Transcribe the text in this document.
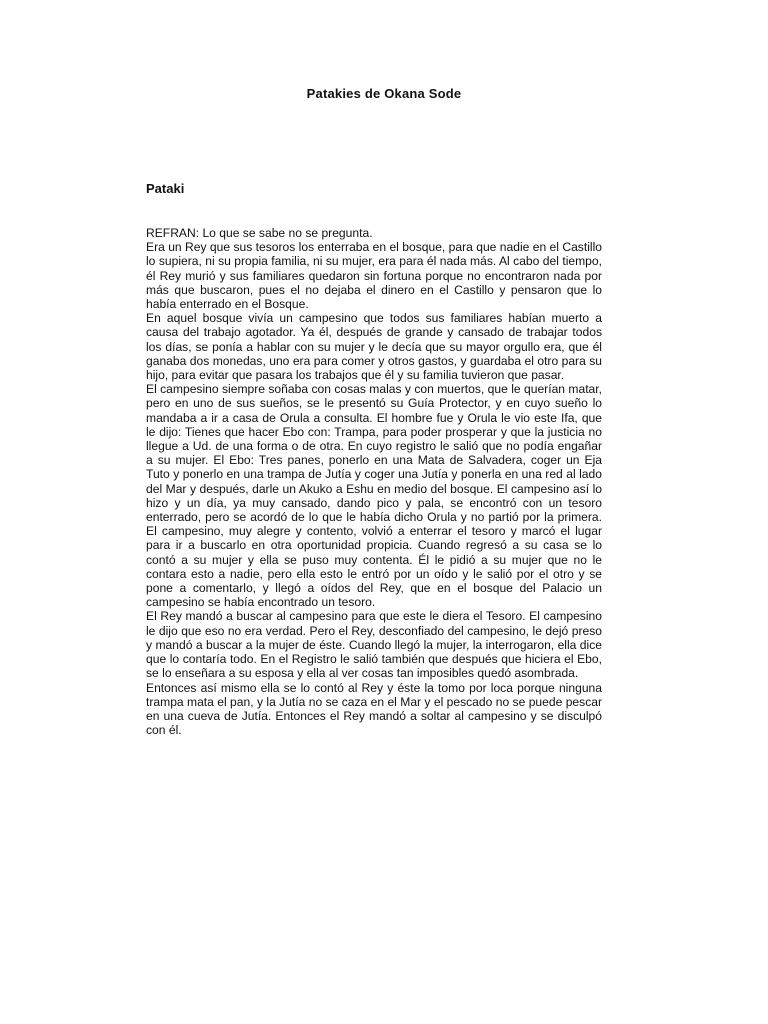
Patakies de Okana Sode
Pataki

REFRAN: Lo que se sabe no se pregunta.

Era un Rey que sus tesoros los enterraba en el bosque, para que nadie en el Castillo lo supiera, ni su propia familia, ni su mujer, era para él nada más. Al cabo del tiempo, él Rey murió y sus familiares quedaron sin fortuna porque no encontraron nada por más que buscaron, pues el no dejaba el dinero en el Castillo y pensaron que lo había enterrado en el Bosque.

En aquel bosque vivía un campesino que todos sus familiares habían muerto a causa del trabajo agotador. Ya él, después de grande y cansado de trabajar todos los días, se ponía a hablar con su mujer y le decía que su mayor orgullo era, que él ganaba dos monedas, uno era para comer y otros gastos, y guardaba el otro para su hijo, para evitar que pasara los trabajos que él y su familia tuvieron que pasar.

El campesino siempre soñaba con cosas malas y con muertos, que le querían matar, pero en uno de sus sueños, se le presentó su Guía Protector, y en cuyo sueño lo mandaba a ir a casa de Orula a consulta. El hombre fue y Orula le vio este Ifa, que le dijo: Tienes que hacer Ebo con: Trampa, para poder prosperar y que la justicia no llegue a Ud. de una forma o de otra. En cuyo registro le salió que no podía engañar a su mujer. El Ebo: Tres panes, ponerlo en una Mata de Salvadera, coger un Eja Tuto y ponerlo en una trampa de Jutía y coger una Jutía y ponerla en una red al lado del Mar y después, darle un Akuko a Eshu en medio del bosque. El campesino así lo hizo y un día, ya muy cansado, dando pico y pala, se encontró con un tesoro enterrado, pero se acordó de lo que le había dicho Orula y no partió por la primera. El campesino, muy alegre y contento, volvió a enterrar el tesoro y marcó el lugar para ir a buscarlo en otra oportunidad propicia. Cuando regresó a su casa se lo contó a su mujer y ella se puso muy contenta. Él le pidió a su mujer que no le contara esto a nadie, pero ella esto le entró por un oído y le salió por el otro y se pone a comentarlo, y llegó a oídos del Rey, que en el bosque del Palacio un campesino se había encontrado un tesoro.

El Rey mandó a buscar al campesino para que este le diera el Tesoro. El campesino le dijo que eso no era verdad. Pero el Rey, desconfiado del campesino, le dejó preso y mandó a buscar a la mujer de éste. Cuando llegó la mujer, la interrogaron, ella dice que lo contaría todo. En el Registro le salió también que después que hiciera el Ebo, se lo enseñara a su esposa y ella al ver cosas tan imposibles quedó asombrada.

Entonces así mismo ella se lo contó al Rey y éste la tomo por loca porque ninguna trampa mata el pan, y la Jutía no se caza en el Mar y el pescado no se puede pescar en una cueva de Jutía. Entonces el Rey mandó a soltar al campesino y se disculpó con él.
